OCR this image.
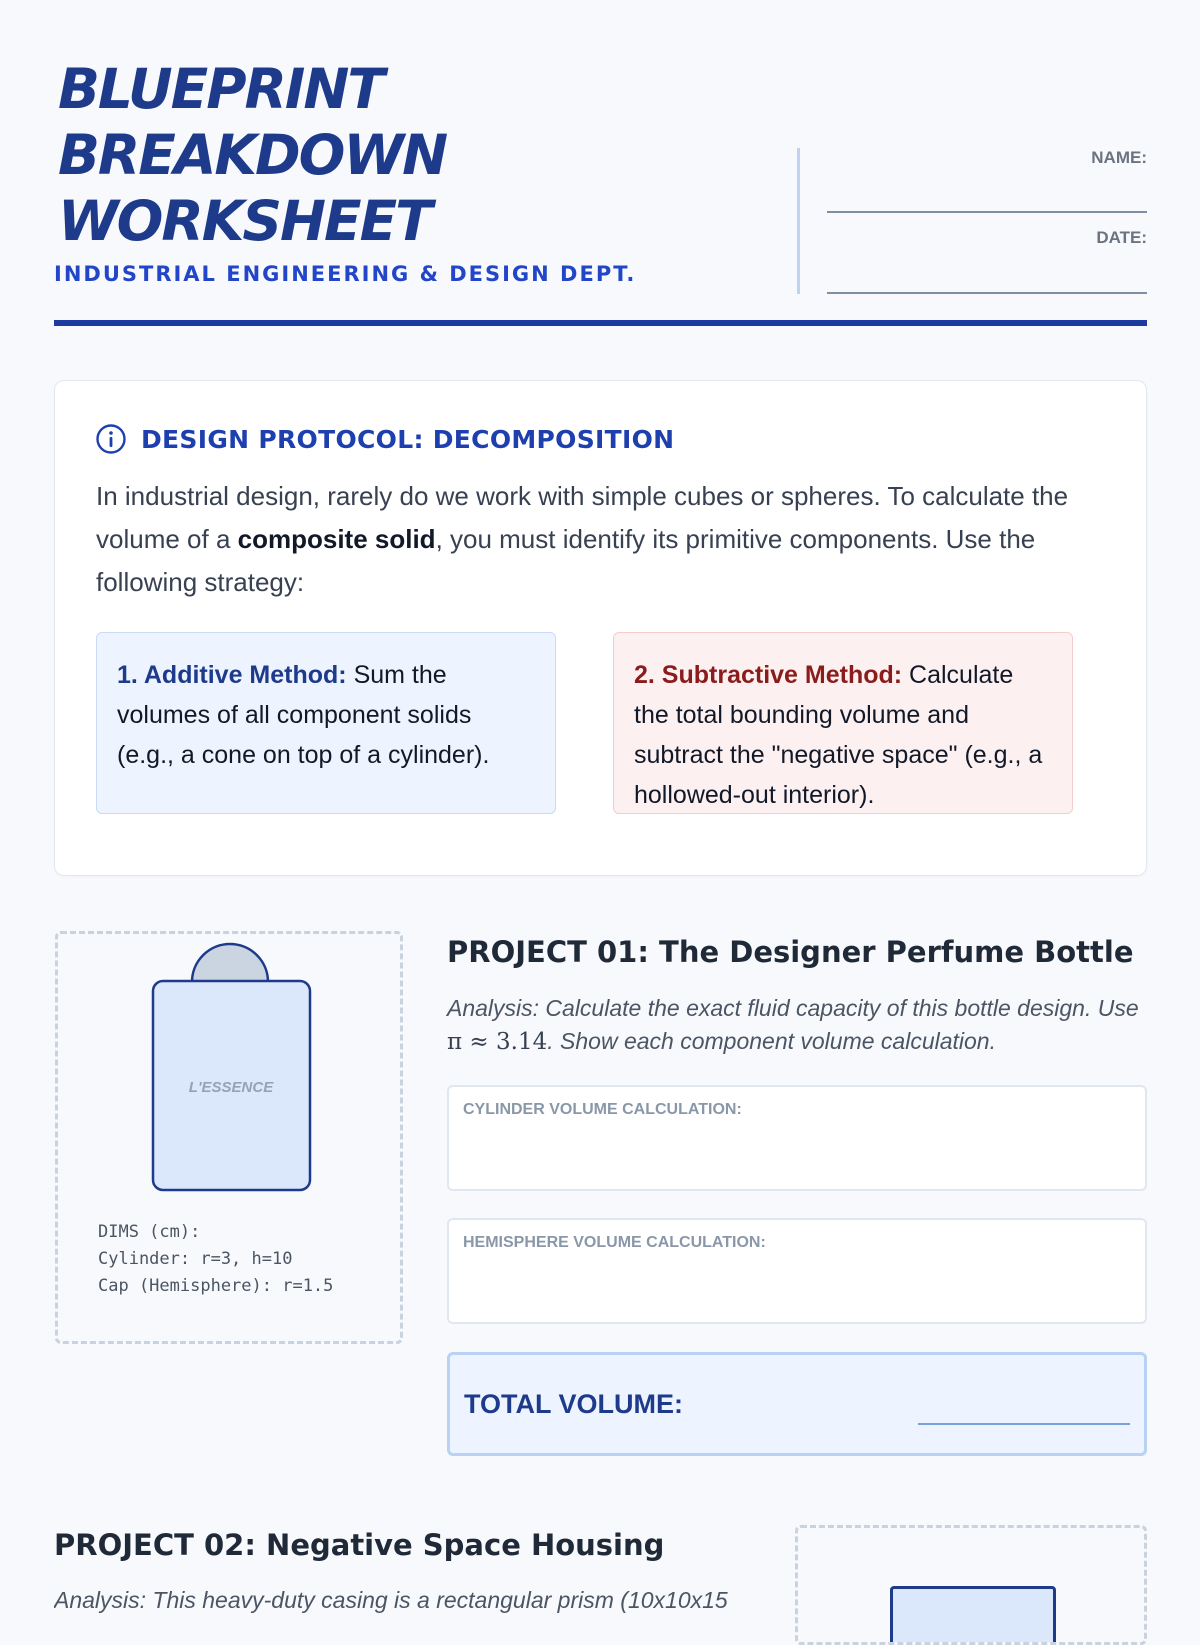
BLUEPRINT
BREAKDOWN
WORKSHEET

INDUSTRIAL ENGINEERING & DESIGN DEPT.

NAME:
DATE:
DESIGN PROTOCOL: DECOMPOSITION

In industrial design, rarely do we work with simple cubes or spheres. To calculate the volume of a composite solid, you must identify its primitive components. Use the following strategy:

1. Additive Method: Sum the volumes of all component solids (e.g., a cone on top of a cylinder).
2. Subtractive Method: Calculate the total bounding volume and subtract the "negative space" (e.g., a hollowed-out interior).
L'ESSENCE
DIMS (cm):
Cylinder: r=3, h=10
Cap (Hemisphere): r=1.5
PROJECT 01: The Designer Perfume Bottle

Analysis: Calculate the exact fluid capacity of this bottle design. Use π ≈ 3.14. Show each component volume calculation.

CYLINDER VOLUME CALCULATION:
HEMISPHERE VOLUME CALCULATION:
TOTAL VOLUME:
PROJECT 02: Negative Space Housing

Analysis: This heavy-duty casing is a rectangular prism (10x10x15
